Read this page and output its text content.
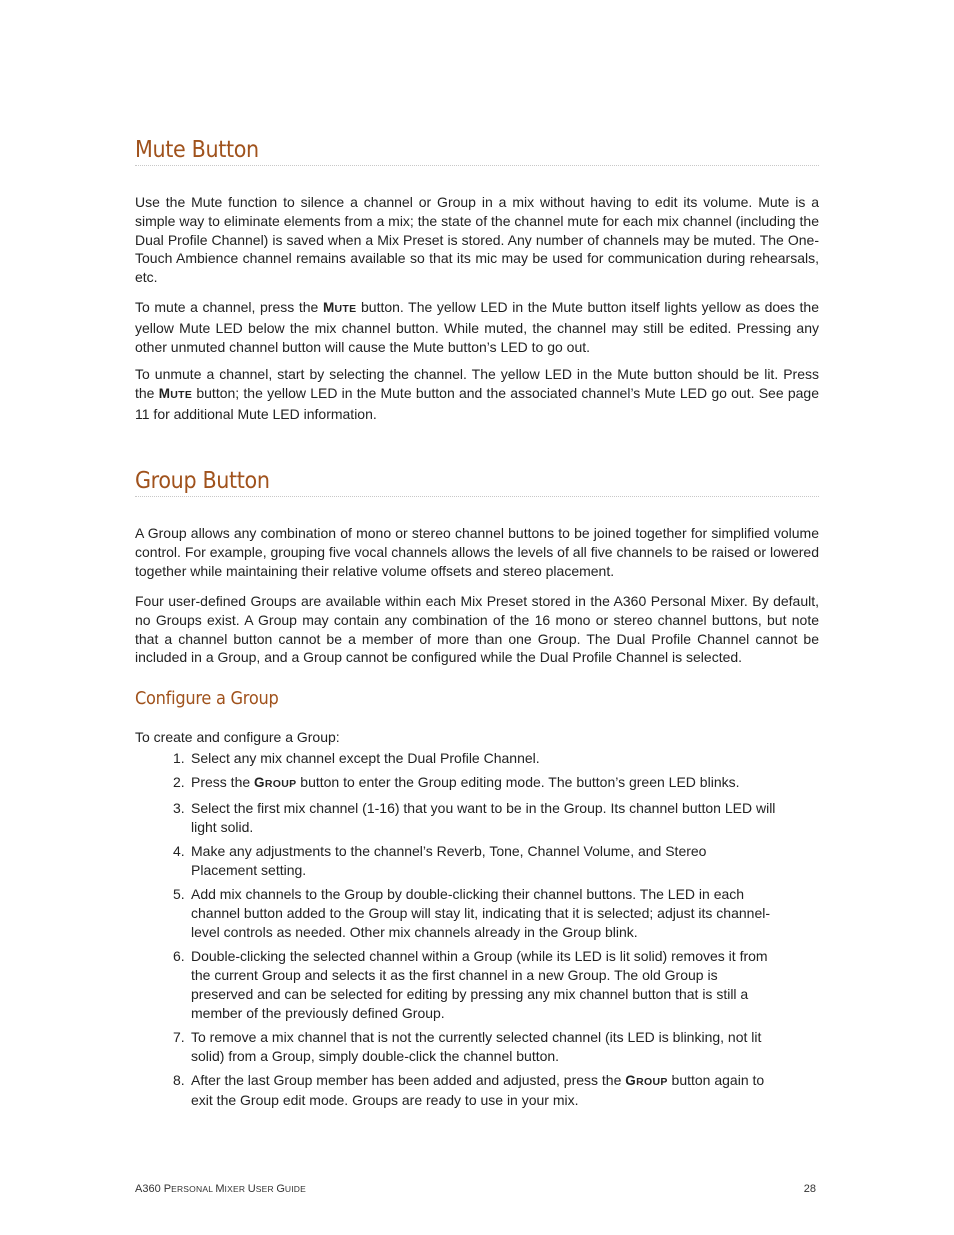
Mute Button

Use the Mute function to silence a channel or Group in a mix without having to edit its volume. Mute is a simple way to eliminate elements from a mix; the state of the channel mute for each mix channel (including the Dual Profile Channel) is saved when a Mix Preset is stored. Any number of channels may be muted. The One-Touch Ambience channel remains available so that its mic may be used for communication during rehearsals, etc.

To mute a channel, press the MUTE button. The yellow LED in the Mute button itself lights yellow as does the yellow Mute LED below the mix channel button. While muted, the channel may still be edited. Pressing any other unmuted channel button will cause the Mute button’s LED to go out.

To unmute a channel, start by selecting the channel. The yellow LED in the Mute button should be lit. Press the MUTE button; the yellow LED in the Mute button and the associated channel’s Mute LED go out. See page 11 for additional Mute LED information.

Group Button

A Group allows any combination of mono or stereo channel buttons to be joined together for simplified volume control. For example, grouping five vocal channels allows the levels of all five channels to be raised or lowered together while maintaining their relative volume offsets and stereo placement.

Four user-defined Groups are available within each Mix Preset stored in the A360 Personal Mixer. By default, no Groups exist. A Group may contain any combination of the 16 mono or stereo channel buttons, but note that a channel button cannot be a member of more than one Group. The Dual Profile Channel cannot be included in a Group, and a Group cannot be configured while the Dual Profile Channel is selected.

Configure a Group

To create and configure a Group:

1. Select any mix channel except the Dual Profile Channel.
2. Press the GROUP button to enter the Group editing mode. The button’s green LED blinks.
3. Select the first mix channel (1-16) that you want to be in the Group. Its channel button LED will light solid.
4. Make any adjustments to the channel’s Reverb, Tone, Channel Volume, and Stereo Placement setting.
5. Add mix channels to the Group by double-clicking their channel buttons. The LED in each channel button added to the Group will stay lit, indicating that it is selected; adjust its channel-level controls as needed. Other mix channels already in the Group blink.
6. Double-clicking the selected channel within a Group (while its LED is lit solid) removes it from the current Group and selects it as the first channel in a new Group. The old Group is preserved and can be selected for editing by pressing any mix channel button that is still a member of the previously defined Group.
7. To remove a mix channel that is not the currently selected channel (its LED is blinking, not lit solid) from a Group, simply double-click the channel button.
8. After the last Group member has been added and adjusted, press the GROUP button again to exit the Group edit mode. Groups are ready to use in your mix.
A360 PERSONAL MIXER USER GUIDE	28
